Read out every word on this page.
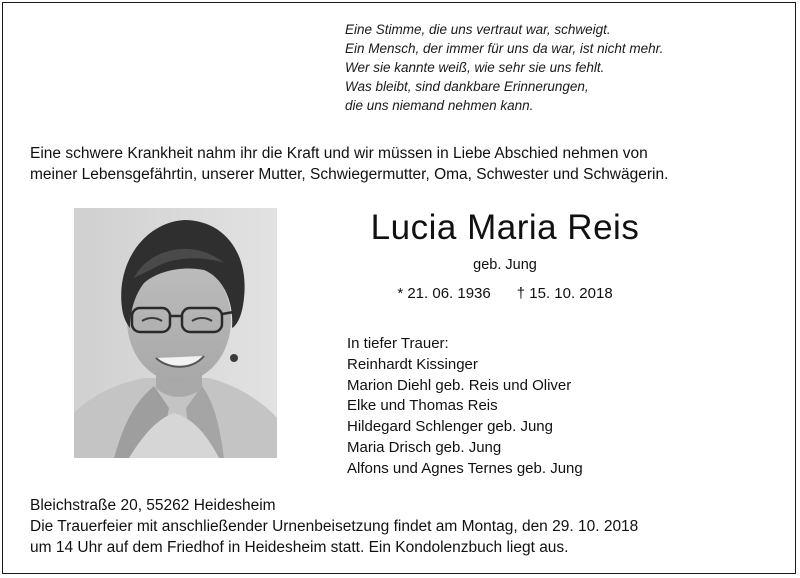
Eine Stimme, die uns vertraut war, schweigt.
Ein Mensch, der immer für uns da war, ist nicht mehr.
Wer sie kannte weiß, wie sehr sie uns fehlt.
Was bleibt, sind dankbare Erinnerungen,
die uns niemand nehmen kann.
Eine schwere Krankheit nahm ihr die Kraft und wir müssen in Liebe Abschied nehmen von
meiner Lebensgefährtin, unserer Mutter, Schwiegermutter, Oma, Schwester und Schwägerin.
Lucia Maria Reis
geb. Jung
* 21. 06. 1936 † 15. 10. 2018
In tiefer Trauer:
Reinhardt Kissinger
Marion Diehl geb. Reis und Oliver
Elke und Thomas Reis
Hildegard Schlenger geb. Jung
Maria Drisch geb. Jung
Alfons und Agnes Ternes geb. Jung
Bleichstraße 20, 55262 Heidesheim
Die Trauerfeier mit anschließender Urnenbeisetzung findet am Montag, den 29. 10. 2018
um 14 Uhr auf dem Friedhof in Heidesheim statt. Ein Kondolenzbuch liegt aus.
